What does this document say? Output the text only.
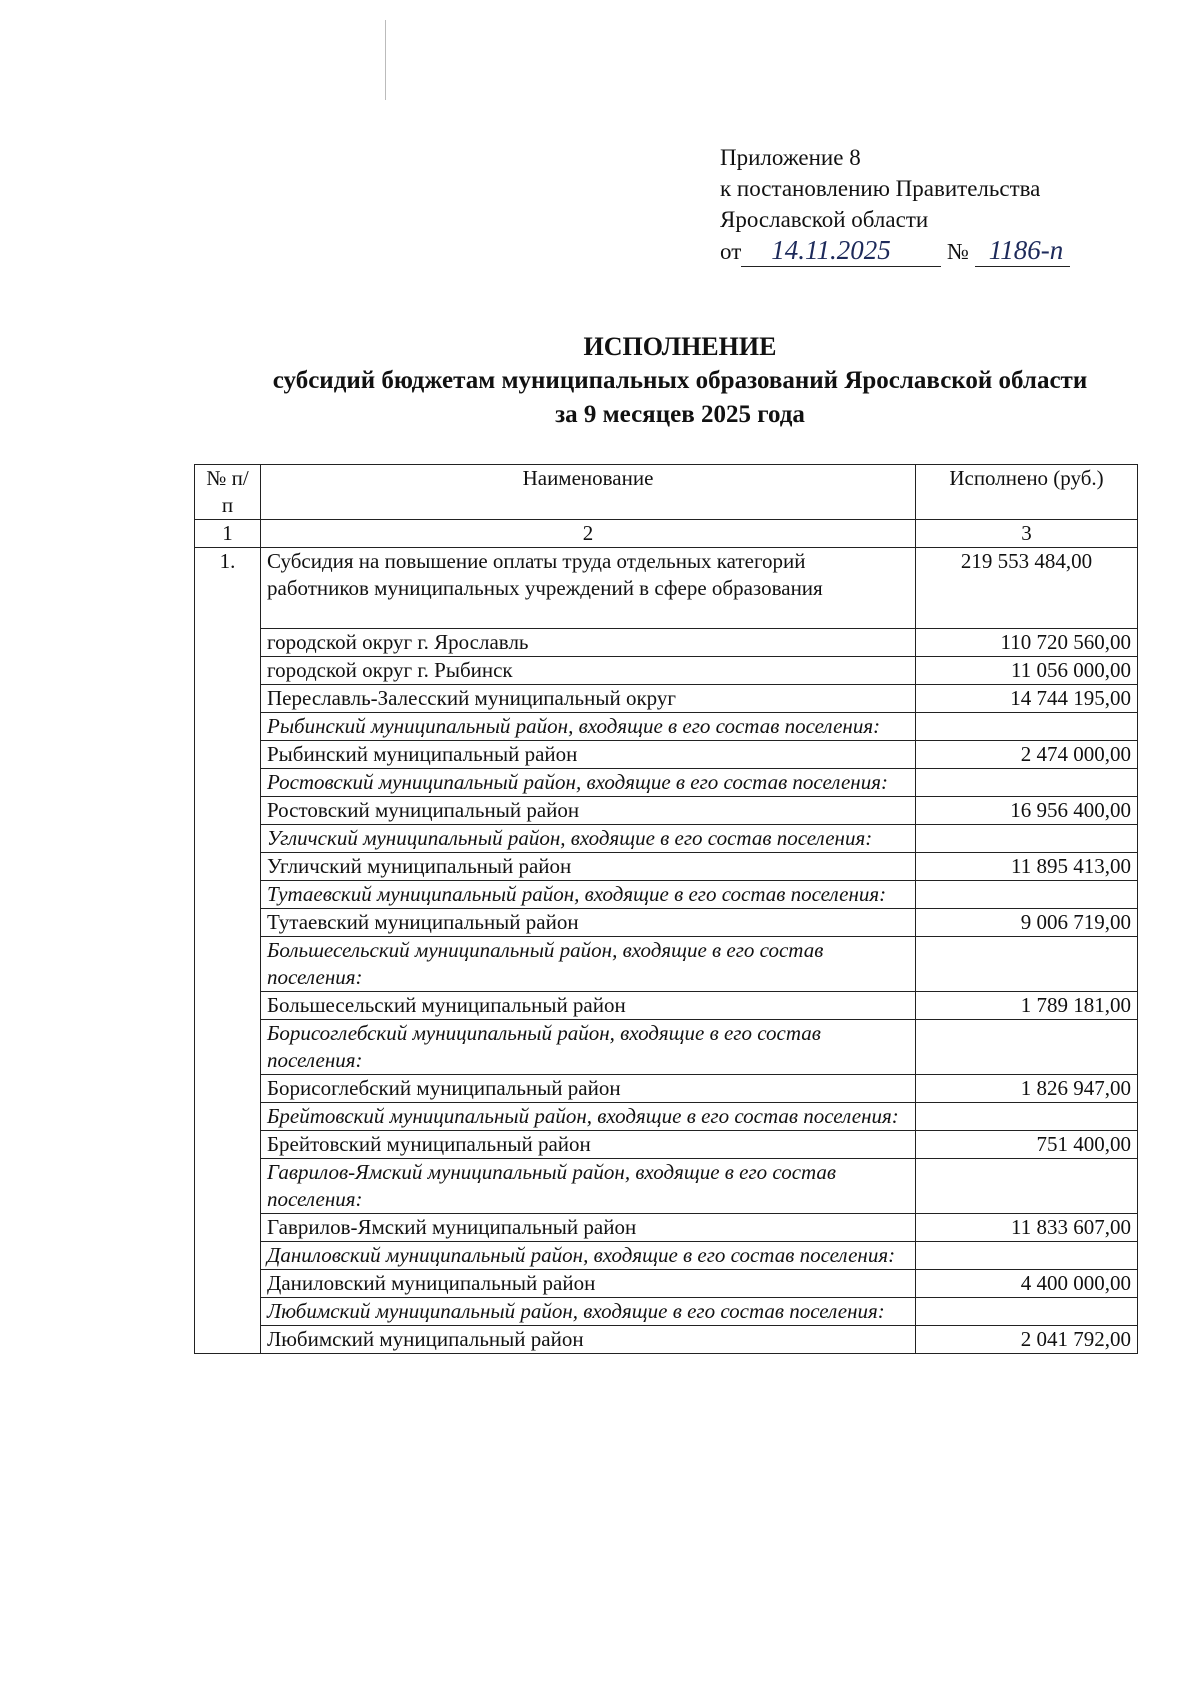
Приложение 8
к постановлению Правительства
Ярославской области
от 14.11.2025 № 1186-п
ИСПОЛНЕНИЕ
субсидий бюджетам муниципальных образований Ярославской области
за 9 месяцев 2025 года
№ п/п	Наименование	Исполнено (руб.)
1	2	3
1.	Субсидия на повышение оплаты труда отдельных категорий работников муниципальных учреждений в сфере образования	219 553 484,00
	городской округ г. Ярославль	110 720 560,00
	городской округ г. Рыбинск	11 056 000,00
	Переславль-Залесский муниципальный округ	14 744 195,00
	Рыбинский муниципальный район, входящие в его состав поселения:	
	Рыбинский муниципальный район	2 474 000,00
	Ростовский муниципальный район, входящие в его состав поселения:	
	Ростовский муниципальный район	16 956 400,00
	Угличский муниципальный район, входящие в его состав поселения:	
	Угличский муниципальный район	11 895 413,00
	Тутаевский муниципальный район, входящие в его состав поселения:	
	Тутаевский муниципальный район	9 006 719,00
	Большесельский муниципальный район, входящие в его состав поселения:	
	Большесельский муниципальный район	1 789 181,00
	Борисоглебский муниципальный район, входящие в его состав поселения:	
	Борисоглебский муниципальный район	1 826 947,00
	Брейтовский муниципальный район, входящие в его состав поселения:	
	Брейтовский муниципальный район	751 400,00
	Гаврилов-Ямский муниципальный район, входящие в его состав поселения:	
	Гаврилов-Ямский муниципальный район	11 833 607,00
	Даниловский муниципальный район, входящие в его состав поселения:	
	Даниловский муниципальный район	4 400 000,00
	Любимский муниципальный район, входящие в его состав поселения:	
	Любимский муниципальный район	2 041 792,00
